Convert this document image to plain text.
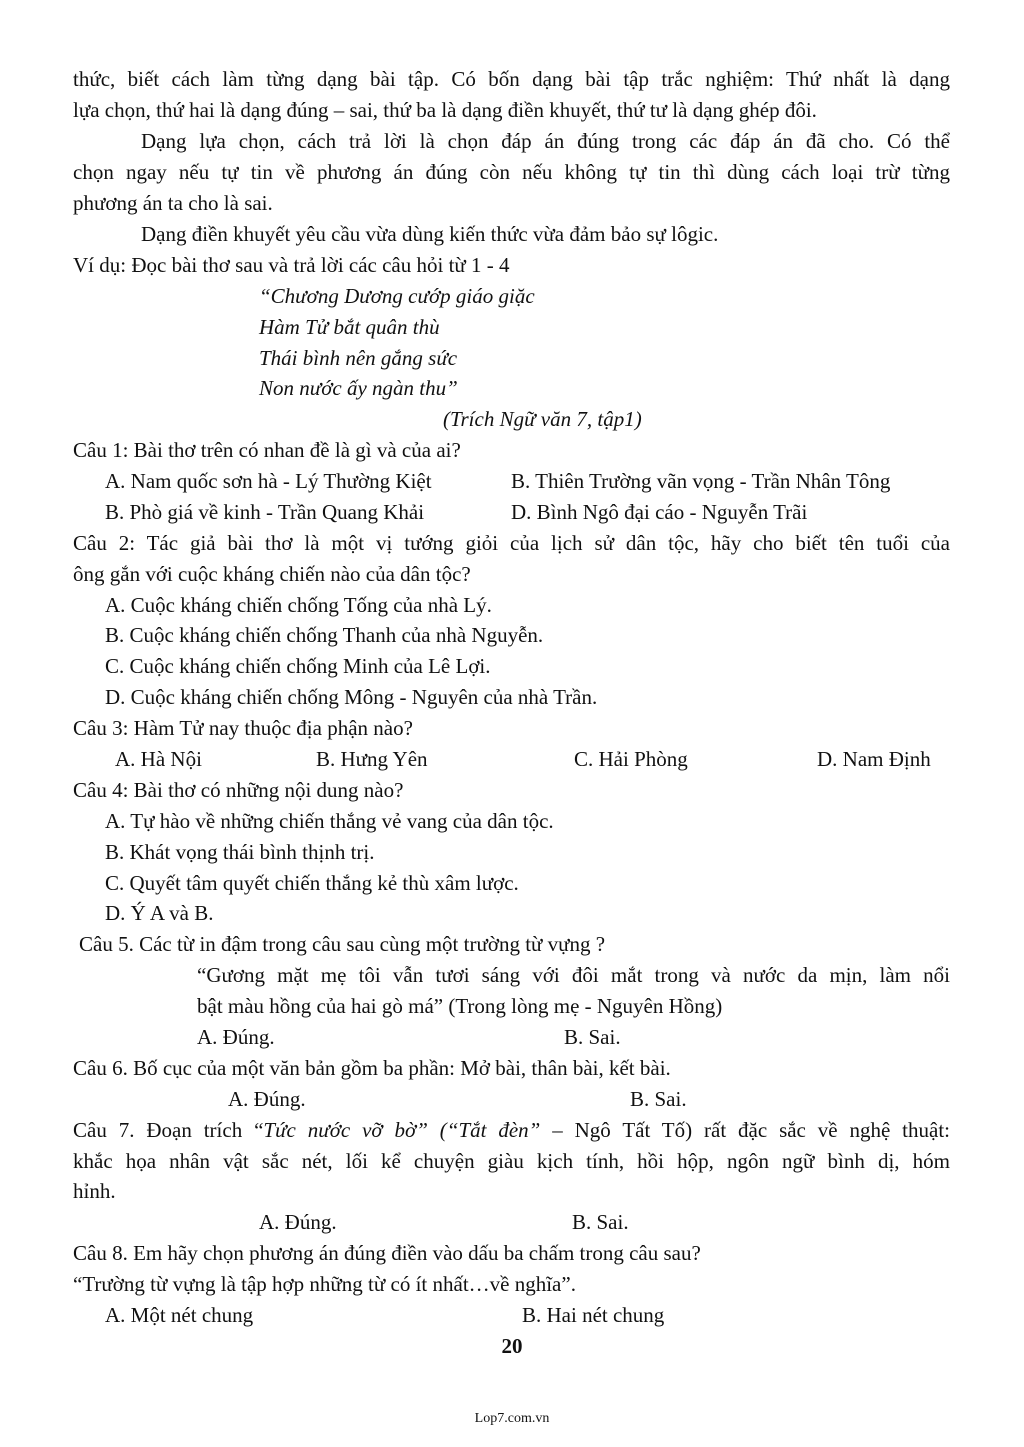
thức, biết cách làm từng dạng bài tập. Có bốn dạng bài tập trắc nghiệm: Thứ nhất là dạng
lựa chọn, thứ hai là dạng đúng – sai, thứ ba là dạng điền khuyết, thứ tư là dạng ghép đôi.
Dạng lựa chọn, cách trả lời là chọn đáp án đúng trong các đáp án đã cho. Có thể
chọn ngay nếu tự tin về phương án đúng còn nếu không tự tin thì dùng cách loại trừ từng
phương án ta cho là sai.
Dạng điền khuyết yêu cầu vừa dùng kiến thức vừa đảm bảo sự lôgic.
Ví dụ: Đọc bài thơ sau và trả lời các câu hỏi từ 1 - 4
“Chương Dương cướp giáo giặc
Hàm Tử bắt quân thù
Thái bình nên gắng sức
Non nước ấy ngàn thu”
(Trích Ngữ văn 7, tập1)
Câu 1: Bài thơ trên có nhan đề là gì và của ai?
A. Nam quốc sơn hà - Lý Thường Kiệt	B. Thiên Trường vãn vọng - Trần Nhân Tông
B. Phò giá về kinh - Trần Quang Khải	D. Bình Ngô đại cáo - Nguyễn Trãi
Câu 2: Tác giả bài thơ là một vị tướng giỏi của lịch sử dân tộc, hãy cho biết tên tuổi của
ông gắn với cuộc kháng chiến nào của dân tộc?
A. Cuộc kháng chiến chống Tống của nhà Lý.
B. Cuộc kháng chiến chống Thanh của nhà Nguyễn.
C. Cuộc kháng chiến chống Minh của Lê Lợi.
D. Cuộc kháng chiến chống Mông - Nguyên của nhà Trần.
Câu 3: Hàm Tử nay thuộc địa phận nào?
A. Hà Nội	B. Hưng Yên	C. Hải Phòng	D. Nam Định
Câu 4: Bài thơ có những nội dung nào?
A. Tự hào về những chiến thắng vẻ vang của dân tộc.
B. Khát vọng thái bình thịnh trị.
C. Quyết tâm quyết chiến thắng kẻ thù xâm lược.
D. Ý A và B.
Câu 5. Các từ in đậm trong câu sau cùng một trường từ vựng ?
“Gương mặt mẹ tôi vẫn tươi sáng với đôi mắt trong và nước da mịn, làm nổi
bật màu hồng của hai gò má” (Trong lòng mẹ - Nguyên Hồng)
A. Đúng.	B. Sai.
Câu 6. Bố cục của một văn bản gồm ba phần: Mở bài, thân bài, kết bài.
A. Đúng.	B. Sai.
Câu 7. Đoạn trích “Tức nước vỡ bờ” (“Tắt đèn” – Ngô Tất Tố) rất đặc sắc về nghệ thuật:
khắc họa nhân vật sắc nét, lối kể chuyện giàu kịch tính, hồi hộp, ngôn ngữ bình dị, hóm
hỉnh.
A. Đúng.	B. Sai.
Câu 8. Em hãy chọn phương án đúng điền vào dấu ba chấm trong câu sau?
“Trường từ vựng là tập hợp những từ có ít nhất…về nghĩa”.
A. Một nét chung	B. Hai nét chung
20
Lop7.com.vn
